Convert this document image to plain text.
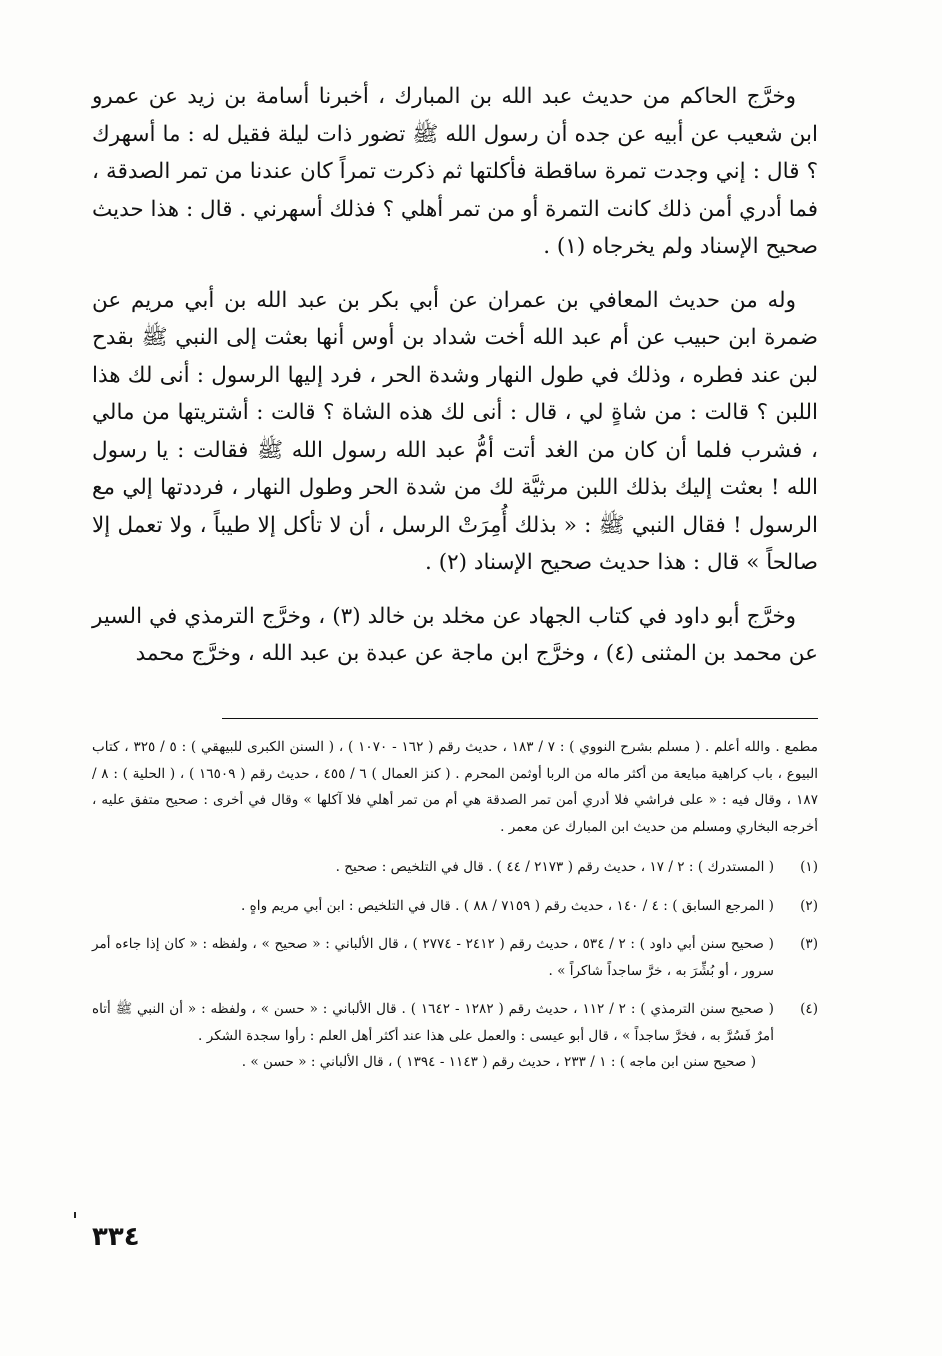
وخرَّج الحاكم من حديث عبد الله بن المبارك ، أخبرنا أسامة بن زيد عن عمرو ابن شعيب عن أبيه عن جده أن رسول الله ﷺ تضور ذات ليلة فقيل له : ما أسهرك ؟ قال : إني وجدت تمرة ساقطة فأكلتها ثم ذكرت تمراً كان عندنا من تمر الصدقة ، فما أدري أمن ذلك كانت التمرة أو من تمر أهلي ؟ فذلك أسهرني . قال : هذا حديث صحيح الإسناد ولم يخرجاه (١) .

وله من حديث المعافي بن عمران عن أبي بكر بن عبد الله بن أبي مريم عن ضمرة ابن حبيب عن أم عبد الله أخت شداد بن أوس أنها بعثت إلى النبي ﷺ بقدح لبن عند فطره ، وذلك في طول النهار وشدة الحر ، فرد إليها الرسول : أنى لك هذا اللبن ؟ قالت : من شاةٍ لي ، قال : أنى لك هذه الشاة ؟ قالت : أشتريتها من مالي ، فشرب فلما أن كان من الغد أتت أمُّ عبد الله رسول الله ﷺ فقالت : يا رسول الله ! بعثت إليك بذلك اللبن مرثيَّة لك من شدة الحر وطول النهار ، فرددتها إلي مع الرسول ! فقال النبي ﷺ : « بذلك أُمِرَتْ الرسل ، أن لا تأكل إلا طيباً ، ولا تعمل إلا صالحاً » قال : هذا حديث صحيح الإسناد (٢) .

وخرَّج أبو داود في كتاب الجهاد عن مخلد بن خالد (٣) ، وخرَّج الترمذي في السير عن محمد بن المثنى (٤) ، وخرَّج ابن ماجة عن عبدة بن عبد الله ، وخرَّج محمد

مطمع . والله أعلم . ( مسلم بشرح النووي ) : ٧ / ١٨٣ ، حديث رقم ( ١٦٢ - ١٠٧٠ ) ، ( السنن الكبرى للبيهقي ) : ٥ / ٣٢٥ ، كتاب البيوع ، باب كراهية مبايعة من أكثر ماله من الربا أوثمن المحرم . ( كنز العمال ) ٦ / ٤٥٥ ، حديث رقم ( ١٦٥٠٩ ) ، ( الحلية ) : ٨ / ١٨٧ ، وقال فيه : « على فراشي فلا أدري أمن تمر الصدقة هي أم من تمر أهلي فلا آكلها » وقال في أخرى : صحيح متفق عليه ، أخرجه البخاري ومسلم من حديث ابن المبارك عن معمر .

(١)

( المستدرك ) : ٢ / ١٧ ، حديث رقم ( ٢١٧٣ / ٤٤ ) . قال في التلخيص : صحيح .

(٢)

( المرجع السابق ) : ٤ / ١٤٠ ، حديث رقم ( ٧١٥٩ / ٨٨ ) . قال في التلخيص : ابن أبي مريم واهٍ .

(٣)

( صحيح سنن أبي داود ) : ٢ / ٥٣٤ ، حديث رقم ( ٢٤١٢ - ٢٧٧٤ ) ، قال الألباني : « صحيح » ، ولفظه : « كان إذا جاءه أمر سرور ، أو بُشِّرَ به ، خرَّ ساجداً شاكراً » .

(٤)

( صحيح سنن الترمذي ) : ٢ / ١١٢ ، حديث رقم ( ١٢٨٢ - ١٦٤٢ ) . قال الألباني : « حسن » ، ولفظه : « أن النبي ﷺ أتاه أمرٌ فَسُرَّ به ، فخرَّ ساجداً » ، قال أبو عيسى : والعمل على هذا عند أكثر أهل العلم : رأوا سجدة الشكر .

( صحيح سنن ابن ماجه ) : ١ / ٢٣٣ ، حديث رقم ( ١١٤٣ - ١٣٩٤ ) ، قال الألباني : « حسن » .

٣٣٤
